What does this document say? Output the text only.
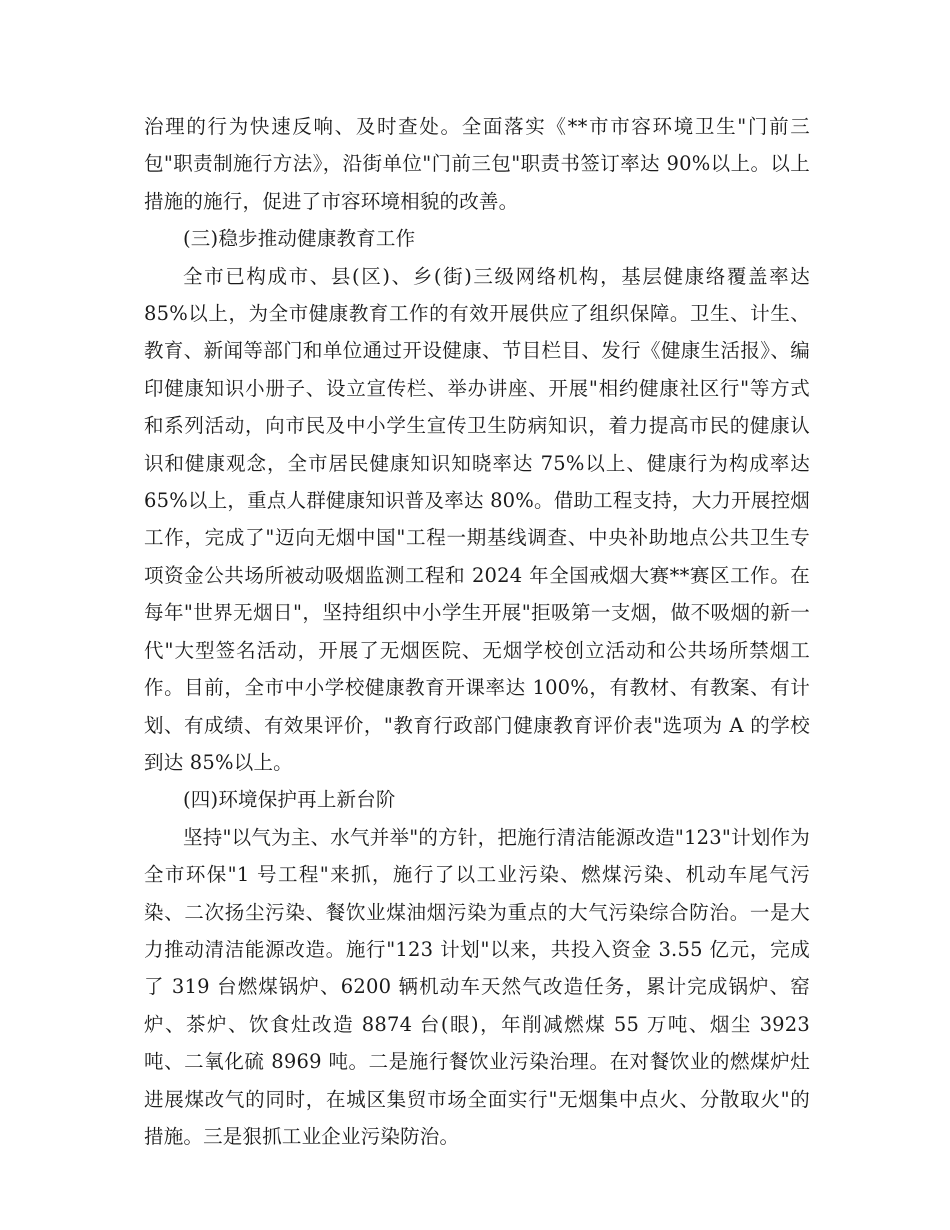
治理的行为快速反响、及时查处。全面落实《**市市容环境卫生"门前三包"职责制施行方法》，沿街单位"门前三包"职责书签订率达 90%以上。以上措施的施行，促进了市容环境相貌的改善。

(三)稳步推动健康教育工作

全市已构成市、县(区)、乡(街)三级网络机构，基层健康络覆盖率达 85%以上，为全市健康教育工作的有效开展供应了组织保障。卫生、计生、教育、新闻等部门和单位通过开设健康、节目栏目、发行《健康生活报》、编印健康知识小册子、设立宣传栏、举办讲座、开展"相约健康社区行"等方式和系列活动，向市民及中小学生宣传卫生防病知识，着力提高市民的健康认识和健康观念，全市居民健康知识知晓率达 75%以上、健康行为构成率达 65%以上，重点人群健康知识普及率达 80%。借助工程支持，大力开展控烟工作，完成了"迈向无烟中国"工程一期基线调查、中央补助地点公共卫生专项资金公共场所被动吸烟监测工程和 2024 年全国戒烟大赛**赛区工作。在每年"世界无烟日"，坚持组织中小学生开展"拒吸第一支烟，做不吸烟的新一代"大型签名活动，开展了无烟医院、无烟学校创立活动和公共场所禁烟工作。目前，全市中小学校健康教育开课率达 100%，有教材、有教案、有计划、有成绩、有效果评价，"教育行政部门健康教育评价表"选项为 A 的学校到达 85%以上。

(四)环境保护再上新台阶

坚持"以气为主、水气并举"的方针，把施行清洁能源改造"123"计划作为全市环保"1 号工程"来抓，施行了以工业污染、燃煤污染、机动车尾气污染、二次扬尘污染、餐饮业煤油烟污染为重点的大气污染综合防治。一是大力推动清洁能源改造。施行"123 计划"以来，共投入资金 3.55 亿元，完成了 319 台燃煤锅炉、6200 辆机动车天然气改造任务，累计完成锅炉、窑炉、茶炉、饮食灶改造 8874 台(眼)，年削减燃煤 55 万吨、烟尘 3923 吨、二氧化硫 8969 吨。二是施行餐饮业污染治理。在对餐饮业的燃煤炉灶进展煤改气的同时，在城区集贸市场全面实行"无烟集中点火、分散取火"的措施。三是狠抓工业企业污染防治。
